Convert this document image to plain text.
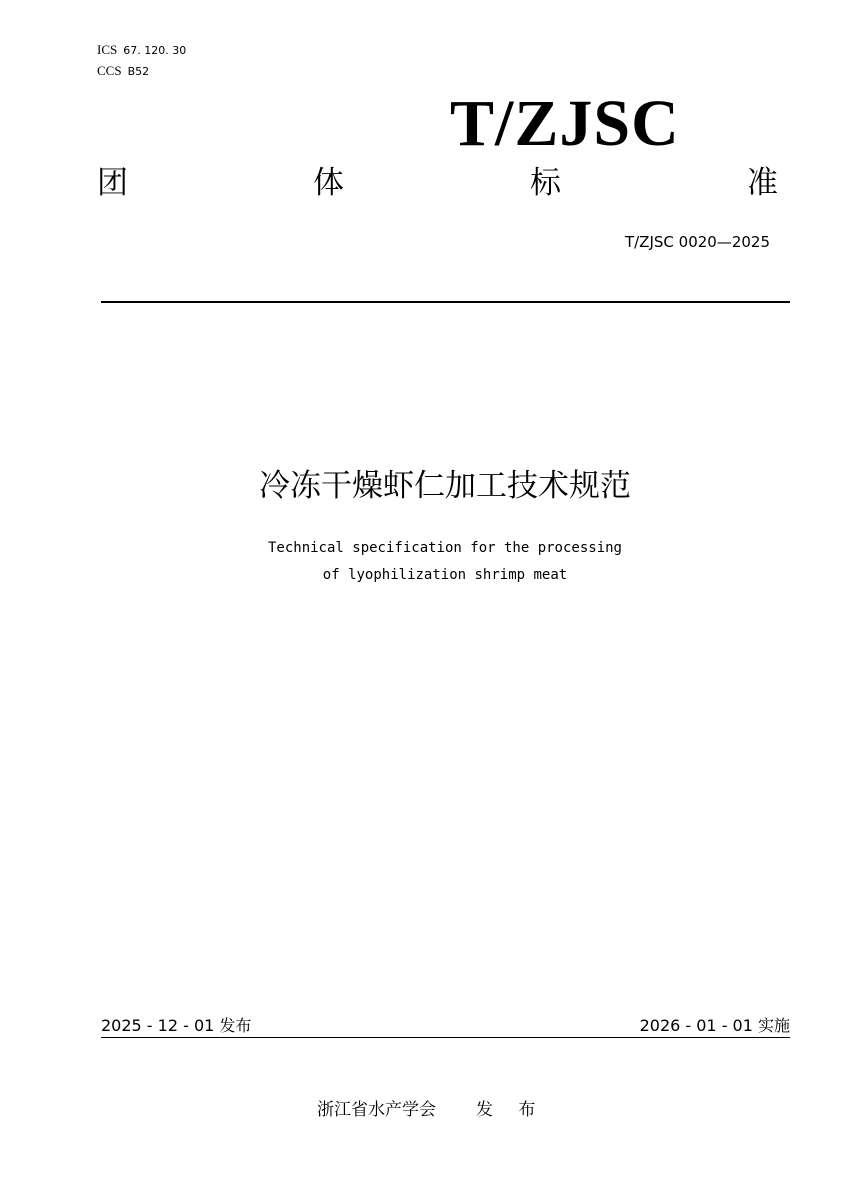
ICS 67. 120. 30
CCS B52
T/ZJSC
团	体	标	准
T/ZJSC 0020—2025
冷冻干燥虾仁加工技术规范
Technical specification for the processing
of lyophilization shrimp meat
2025 - 12 - 01 发布	2026 - 01 - 01 实施
浙江省水产学会 发 布
